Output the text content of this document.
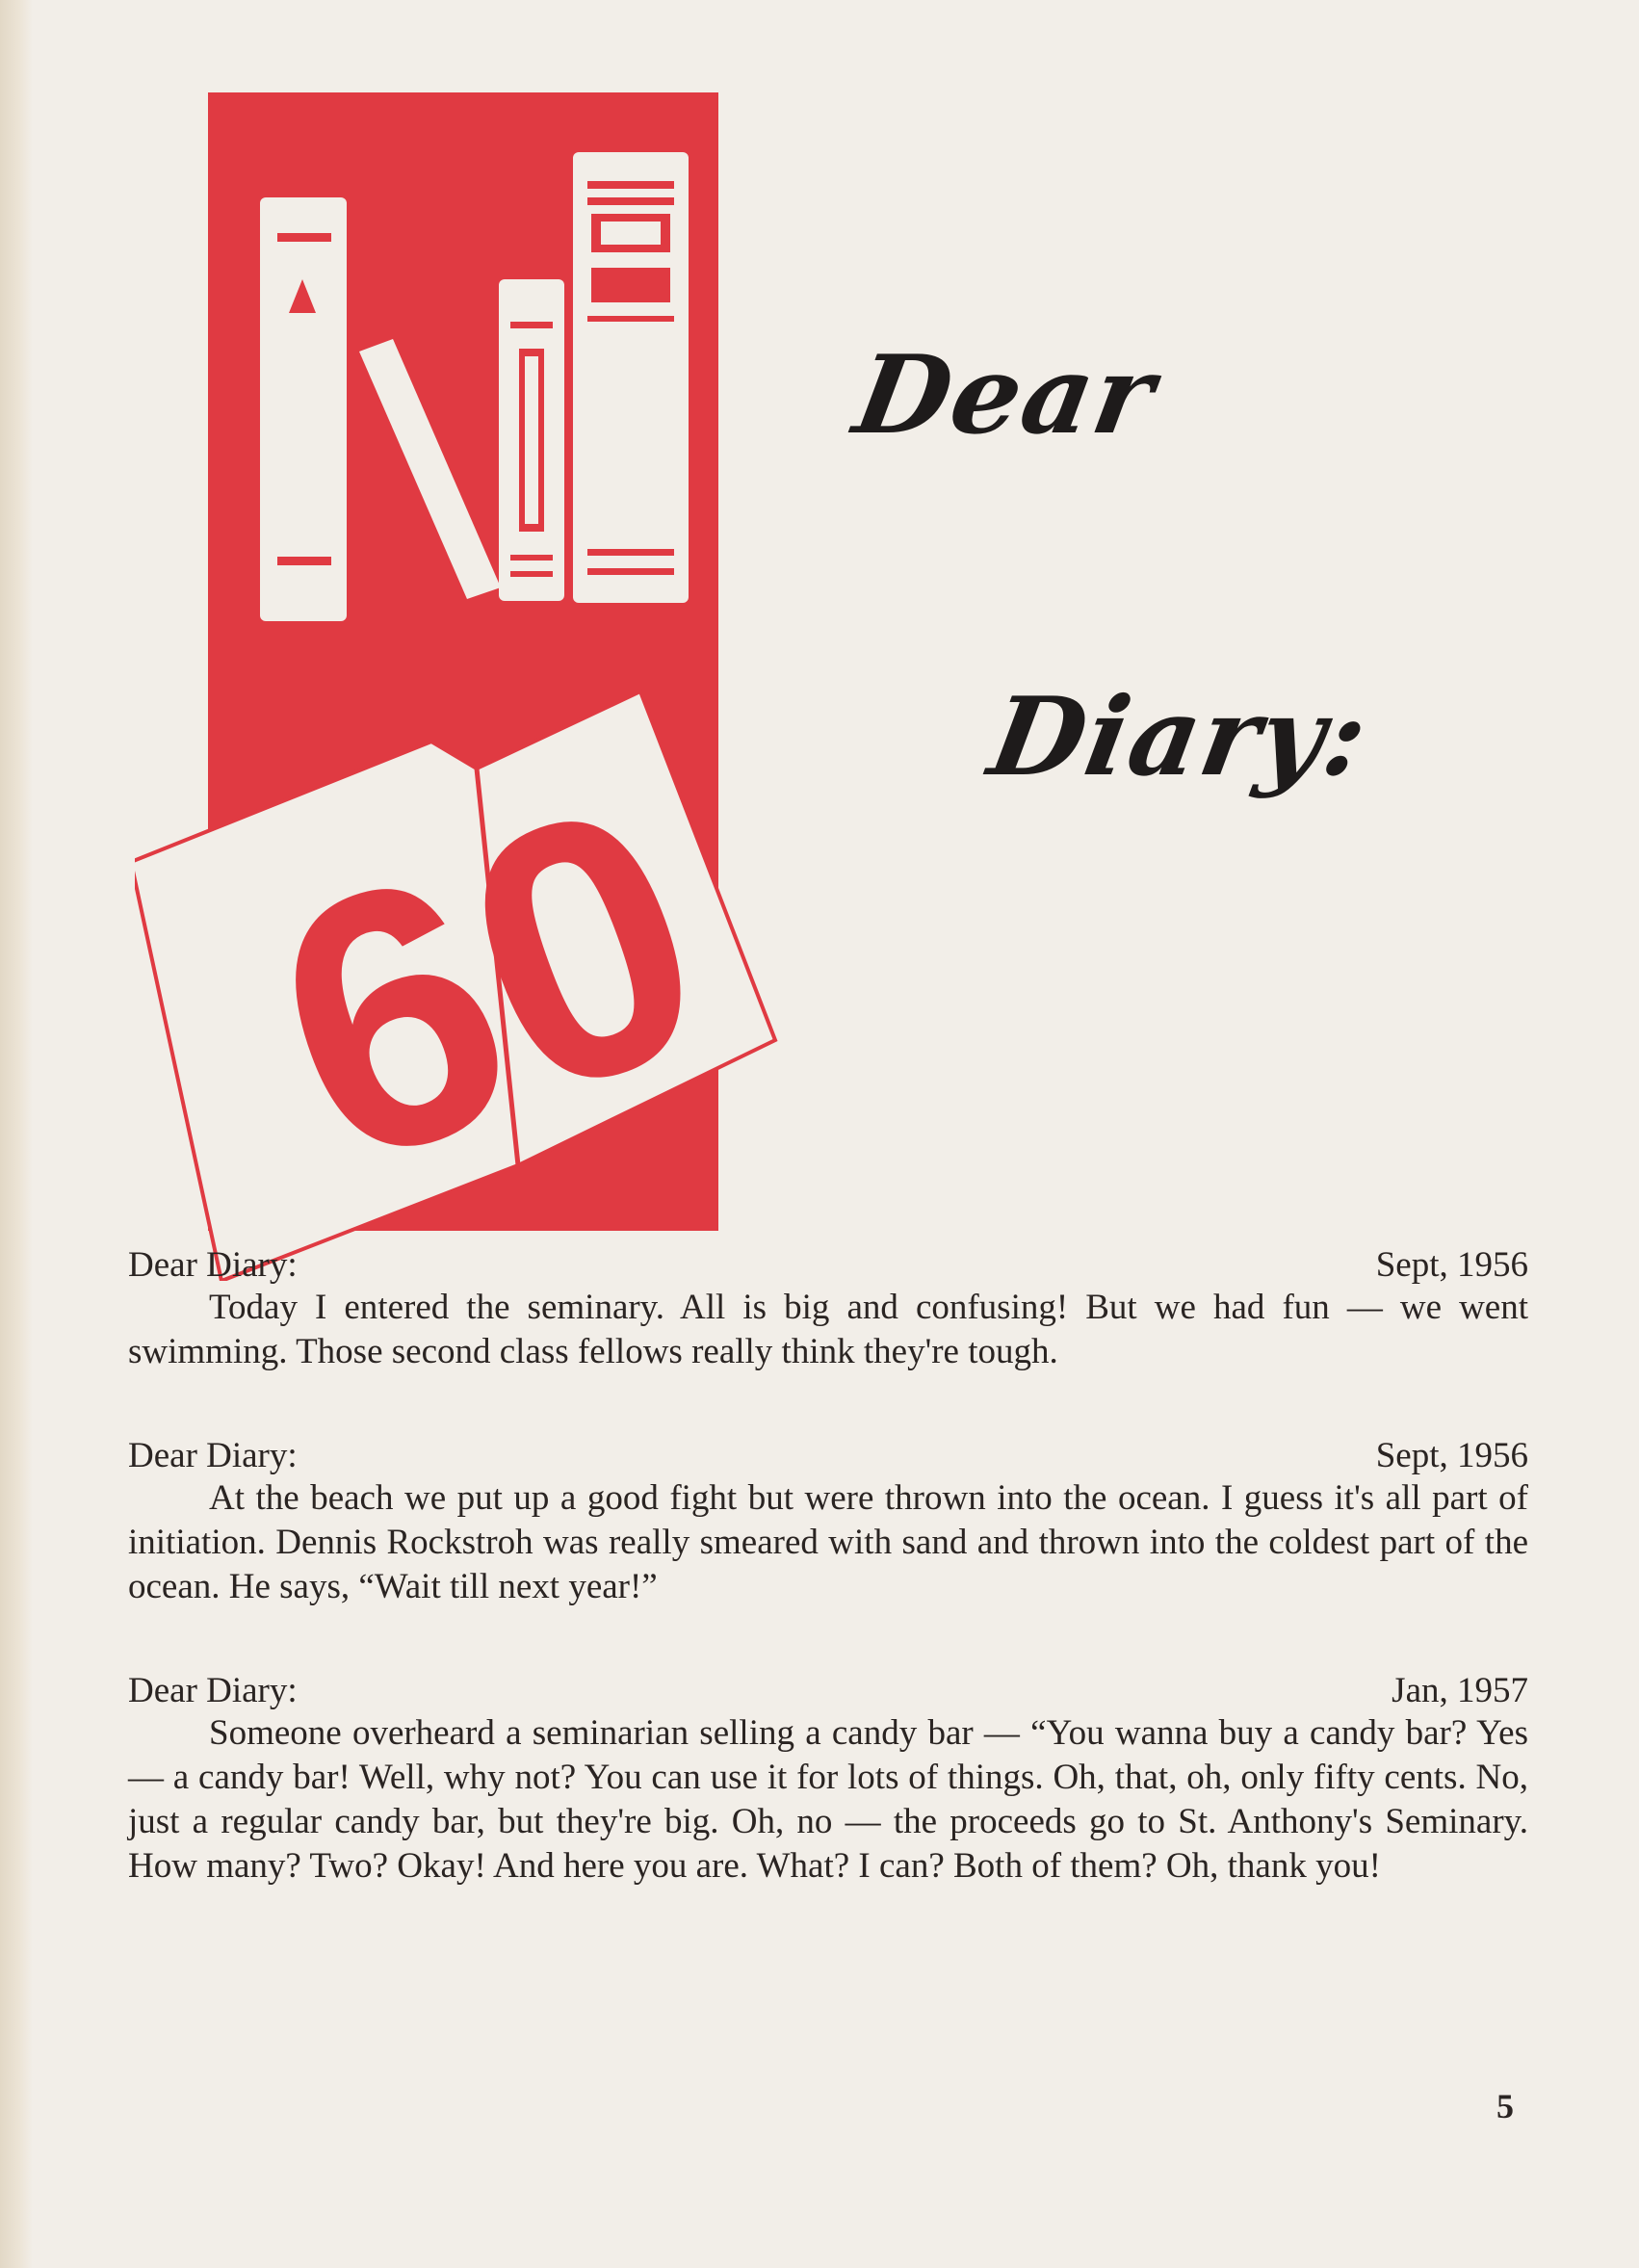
60
Dear
Diary:
Dear Diary:	Sept, 1956

Today I entered the seminary. All is big and confusing! But we had fun — we went swimming. Those second class fellows really think they're tough.

Dear Diary:	Sept, 1956

At the beach we put up a good fight but were thrown into the ocean. I guess it's all part of initiation. Dennis Rockstroh was really smeared with sand and thrown into the coldest part of the ocean. He says, “Wait till next year!”

Dear Diary:	Jan, 1957

Someone overheard a seminarian selling a candy bar — “You wanna buy a candy bar? Yes — a candy bar! Well, why not? You can use it for lots of things. Oh, that, oh, only fifty cents. No, just a regular candy bar, but they're big. Oh, no — the proceeds go to St. Anthony's Seminary. How many? Two? Okay! And here you are. What? I can? Both of them? Oh, thank you!

5
